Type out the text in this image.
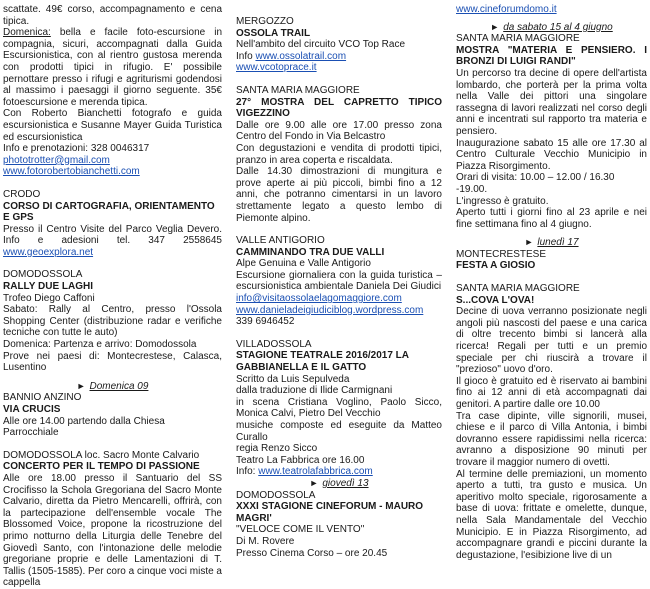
scattate. 49€ corso, accompagnamento e cena tipica.
Domenica: bella e facile foto-escursione in compagnia, sicuri, accompagnati dalla Guida Escursionistica, con al rientro gustosa merenda con prodotti tipici in rifugio. E' possibile pernottare presso i rifugi e agriturismi godendosi al massimo i paesaggi il giorno seguente. 35€ fotoescursione e merenda tipica.
Con Roberto Bianchetti fotografo e guida escursionistica e Susanne Mayer Guida Turistica ed escursionistica
Info e prenotazioni: 328 0046317
phototrotter@gmail.com
www.fotorobertobianchetti.com
CRODO
CORSO DI CARTOGRAFIA, ORIENTAMENTO E GPS
Presso il Centro Visite del Parco Veglia Devero. Info e adesioni tel. 347 2558645 www.geoexplora.net
DOMODOSSOLA
RALLY DUE LAGHI
Trofeo Diego Caffoni
Sabato: Rally al Centro, presso l'Ossola Shopping Center (distribuzione radar e verifiche tecniche con tutte le auto)
Domenica: Partenza e arrivo: Domodossola
Prove nei paesi di: Montecrestese, Calasca, Lusentino
► Domenica 09
BANNIO ANZINO
VIA CRUCIS
Alle ore 14.00 partendo dalla Chiesa Parrocchiale
DOMODOSSOLA loc. Sacro Monte Calvario
CONCERTO PER IL TEMPO DI PASSIONE
Alle ore 18.00 presso il Santuario del SS Crocifisso la Schola Gregoriana del Sacro Monte Calvario, diretta da Pietro Mencarelli, offrirà, con la partecipazione dell'ensemble vocale The Blossomed Voice, propone la ricostruzione del primo notturno della Liturgia delle Tenebre del Giovedì Santo, con l'intonazione delle melodie gregoriane proprie e delle Lamentazioni di T. Tallis (1505-1585). Per coro a cinque voci miste a cappella
MERGOZZO
OSSOLA TRAIL
Nell'ambito del circuito VCO Top Race
Info www.ossolatrail.com
www.vcotoprace.it
SANTA MARIA MAGGIORE
27° MOSTRA DEL CAPRETTO TIPICO VIGEZZINO
Dalle ore 9.00 alle ore 17.00 presso zona Centro del Fondo in Via Belcastro
Con degustazioni e vendita di prodotti tipici, pranzo in area coperta e riscaldata.
Dalle 14.30 dimostrazioni di mungitura e prove aperte ai più piccoli, bimbi fino a 12 anni, che potranno cimentarsi in un lavoro strettamente legato a questo lembo di Piemonte alpino.
VALLE ANTIGORIO
CAMMINANDO TRA DUE VALLI
Alpe Genuina e Valle Antigorio
Escursione giornaliera con la guida turistica – escursionistica ambientale Daniela Dei Giudici
info@visitaossolaelagomaggiore.com
www.danieladeigiudiciblog.wordpress.com
339 6946452
VILLADOSSOLA
STAGIONE TEATRALE 2016/2017 LA GABBIANELLA E IL GATTO
Scritto da Luis Sepulveda
dalla traduzione di Ilide Carmignani
in scena Cristiana Voglino, Paolo Sicco, Monica Calvi, Pietro Del Vecchio
musiche composte ed eseguite da Matteo Curallo
regia Renzo Sicco
Teatro La Fabbrica ore 16.00
Info: www.teatrolafabbrica.com
► giovedì 13
DOMODOSSOLA
XXXI STAGIONE CINEFORUM - MAURO MAGRI'
"VELOCE COME IL VENTO"
Di M. Rovere
Presso Cinema Corso – ore 20.45
www.cineforumdomo.it
► da sabato 15 al 4 giugno
SANTA MARIA MAGGIORE
MOSTRA "MATERIA E PENSIERO. I BRONZI DI LUIGI RANDI"
Un percorso tra decine di opere dell'artista lombardo, che porterà per la prima volta nella Valle dei pittori una singolare rassegna di lavori realizzati nel corso degli anni e incentrati sul rapporto tra materia e pensiero.
Inaugurazione sabato 15 alle ore 17.30 al Centro Culturale Vecchio Municipio in Piazza Risorgimento.
Orari di visita: 10.00 – 12.00 / 16.30 -19.00.
L'ingresso è gratuito.
Aperto tutti i giorni fino al 23 aprile e nei fine settimana fino al 4 giugno.
► lunedì 17
MONTECRESTESE
FESTA A GIOSIO
SANTA MARIA MAGGIORE
S...COVA L'OVA!
Decine di uova verranno posizionate negli angoli più nascosti del paese e una carica di oltre trecento bimbi si lancerà alla ricerca! Regali per tutti e un premio speciale per chi riuscirà a trovare il "prezioso" uovo d'oro.
Il gioco è gratuito ed è riservato ai bambini fino ai 12 anni di età accompagnati dai genitori. A partire dalle ore 10.00
Tra case dipinte, ville signorili, musei, chiese e il parco di Villa Antonia, i bimbi dovranno essere rapidissimi nella ricerca: avranno a disposizione 90 minuti per trovare il maggior numero di ovetti.
Al termine delle premiazioni, un momento aperto a tutti, tra gusto e musica. Un aperitivo molto speciale, rigorosamente a base di uova: frittate e omelette, dunque, nella Sala Mandamentale del Vecchio Municipio. E in Piazza Risorgimento, ad accompagnare grandi e piccini durante la degustazione, l'esibizione live di un
